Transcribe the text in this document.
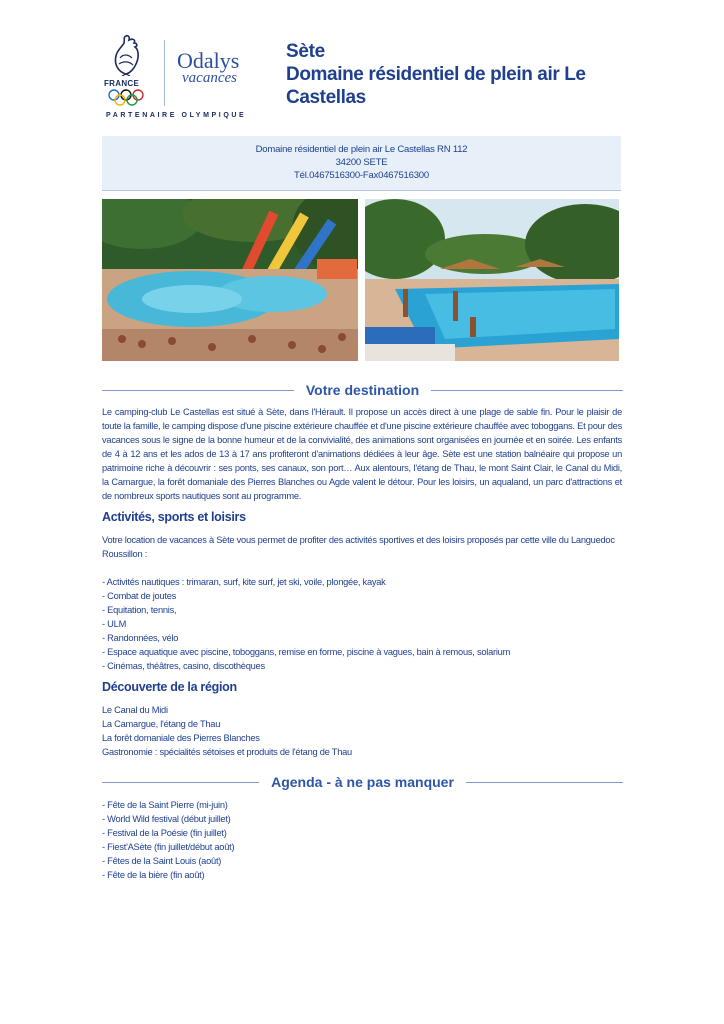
FRANCE
Odalys
vacances
PARTENAIRE OLYMPIQUE
Sète
Domaine résidentiel de plein air Le Castellas
Domaine résidentiel de plein air Le Castellas RN 112
34200 SETE
Tél.0467516300-Fax0467516300
Votre destination

Le camping-club Le Castellas est situé à Sète, dans l'Hérault. Il propose un accès direct à une plage de sable fin. Pour le plaisir de toute la famille, le camping dispose d'une piscine extérieure chauffée et d'une piscine extérieure chauffée avec toboggans. Et pour des vacances sous le signe de la bonne humeur et de la convivialité, des animations sont organisées en journée et en soirée. Les enfants de 4 à 12 ans et les ados de 13 à 17 ans profiteront d'animations dédiées à leur âge. Sète est une station balnéaire qui propose un patrimoine riche à découvrir : ses ponts, ses canaux, son port… Aux alentours, l'étang de Thau, le mont Saint Clair, le Canal du Midi, la Camargue, la forêt domaniale des Pierres Blanches ou Agde valent le détour. Pour les loisirs, un aqualand, un parc d'attractions et de nombreux sports nautiques sont au programme.

Activités, sports et loisirs

Votre location de vacances à Sète vous permet de profiter des activités sportives et des loisirs proposés par cette ville du Languedoc Roussillon :

- Activités nautiques : trimaran, surf, kite surf, jet ski, voile, plongée, kayak
- Combat de joutes
- Equitation, tennis,
- ULM
- Randonnées, vélo
- Espace aquatique avec piscine, toboggans, remise en forme, piscine à vagues, bain à remous, solarium
- Cinémas, théâtres, casino, discothèques
Découverte de la région
Le Canal du Midi
La Camargue, l'étang de Thau
La forêt domaniale des Pierres Blanches
Gastronomie : spécialités sétoises et produits de l'étang de Thau
Agenda - à ne pas manquer
- Fête de la Saint Pierre (mi-juin)
- World Wild festival (début juillet)
- Festival de la Poésie (fin juillet)
- Fiest'ASète (fin juillet/début août)
- Fêtes de la Saint Louis (août)
- Fête de la bière (fin août)
